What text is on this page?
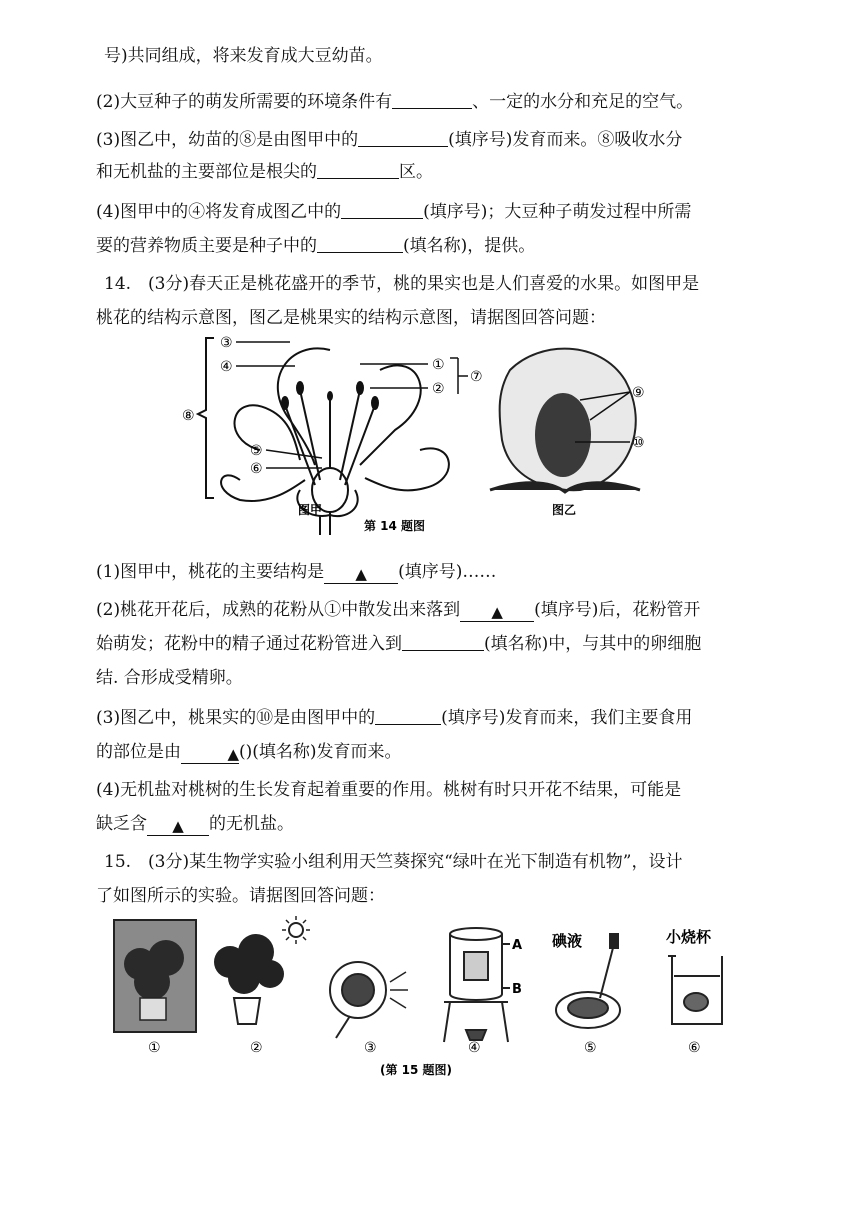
号)共同组成，将来发育成大豆幼苗。
(2)大豆种子的萌发所需要的环境条件有	、一定的水分和充足的空气。
(3)图乙中，幼苗的⑧是由图甲中的	(填序号)发育而来。⑧吸收水分
和无机盐的主要部位是根尖的	区。
(4)图甲中的④将发育成图乙中的	(填序号)；大豆种子萌发过程中所需
要的营养物质主要是种子中的	(填名称)，提供。
14.　(3分)春天正是桃花盛开的季节，桃的果实也是人们喜爱的水果。如图甲是
桃花的结构示意图，图乙是桃果实的结构示意图，请据图回答问题：
③
④	①
②
⑦
⑧
⑤
⑥
⑨
⑩
图甲	图乙
第 14 题图
(1)图甲中，桃花的主要结构是 ▲ (填序号)……
(2)桃花开花后，成熟的花粉从①中散发出来落到 ▲ (填序号)后，花粉管开
始萌发；花粉中的精子通过花粉管进入到	(填名称)中，与其中的卵细胞
结. 合形成受精卵。
(3)图乙中，桃果实的⑩是由图甲中的	(填序号)发育而来，我们主要食用
的部位是由	▲()(填名称)发育而来。
(4)无机盐对桃树的生长发育起着重要的作用。桃树有时只开花不结果，可能是
缺乏含 ▲ 的无机盐。
15.　(3分)某生物学实验小组利用天竺葵探究“绿叶在光下制造有机物”，设计
了如图所示的实验。请据图回答问题：
A
B
碘液	小烧杯
①	②	③	④	⑤	⑥
(第 15 题图)
